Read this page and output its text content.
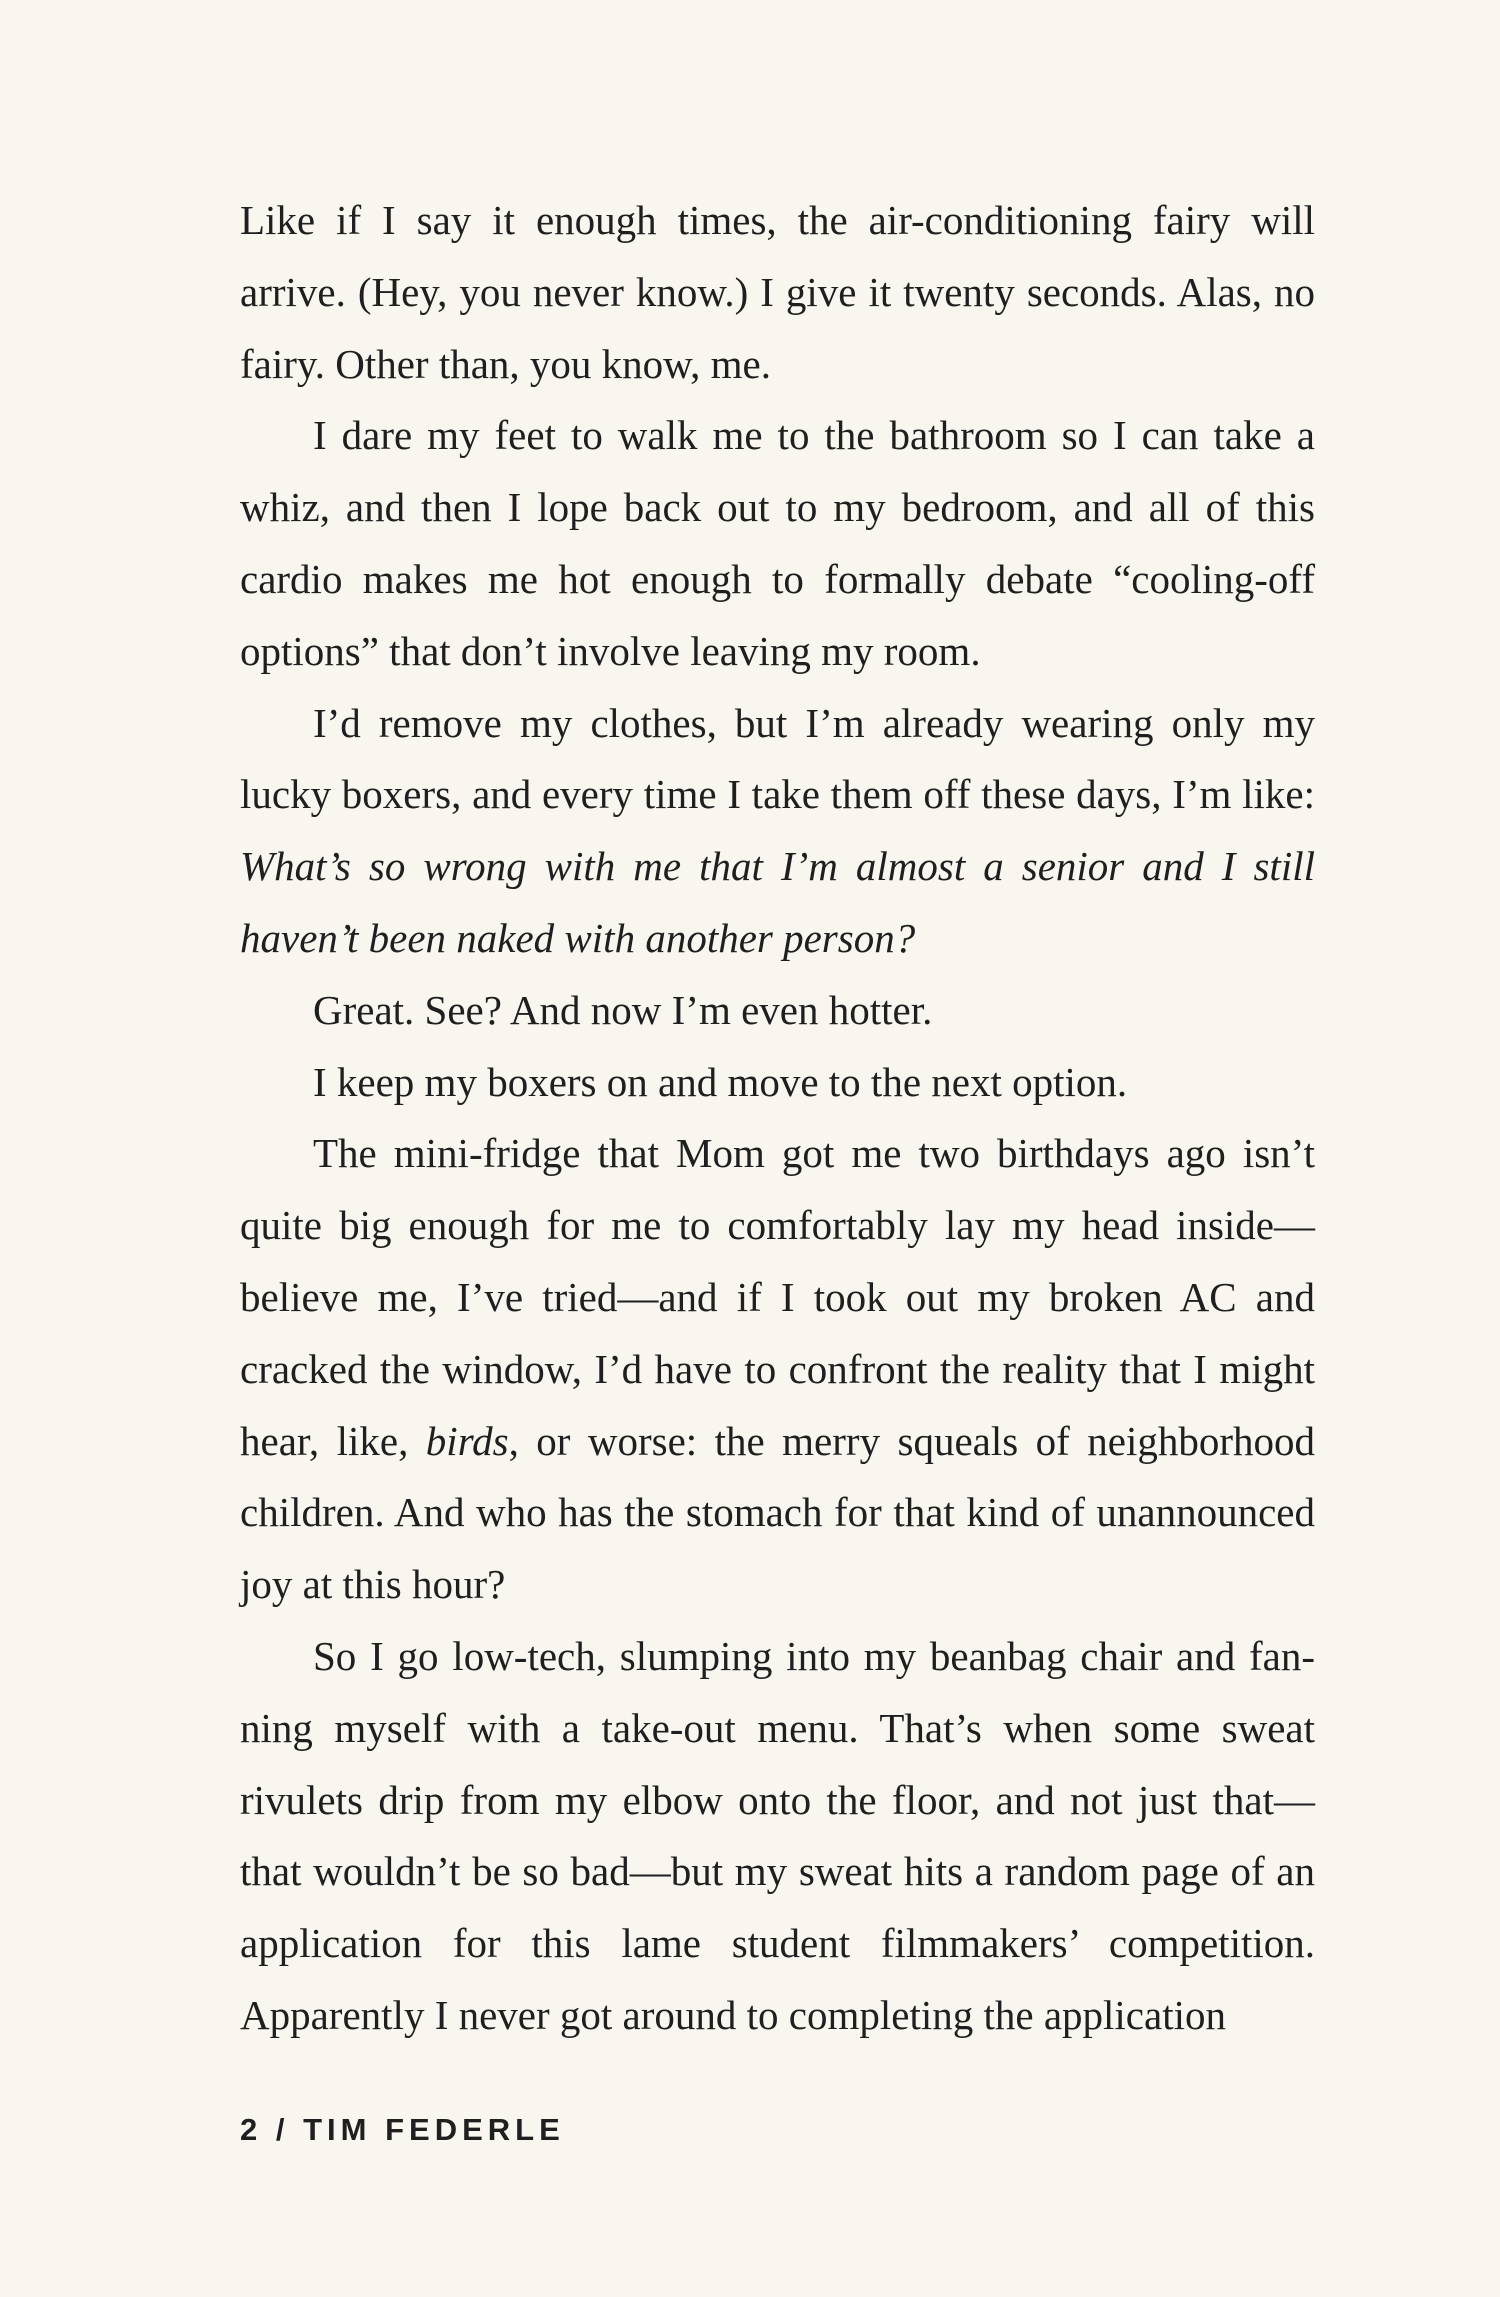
Like if I say it enough times, the air-conditioning fairy will arrive. (Hey, you never know.) I give it twenty seconds. Alas, no fairy. Other than, you know, me.

I dare my feet to walk me to the bathroom so I can take a whiz, and then I lope back out to my bedroom, and all of this cardio makes me hot enough to formally debate “cooling-off options” that don’t involve leaving my room.

I’d remove my clothes, but I’m already wearing only my lucky boxers, and every time I take them off these days, I’m like: What’s so wrong with me that I’m almost a senior and I still haven’t been naked with another person?

Great. See? And now I’m even hotter.

I keep my boxers on and move to the next option.

The mini-fridge that Mom got me two birthdays ago isn’t quite big enough for me to comfortably lay my head inside—believe me, I’ve tried—and if I took out my broken AC and cracked the window, I’d have to confront the reality that I might hear, like, birds, or worse: the merry squeals of neighborhood children. And who has the stomach for that kind of unannounced joy at this hour?

So I go low-tech, slumping into my beanbag chair and fanning myself with a take-out menu. That’s when some sweat rivulets drip from my elbow onto the floor, and not just that—that wouldn’t be so bad—but my sweat hits a random page of an application for this lame student filmmakers’ competition. Apparently I never got around to completing the application

2 / TIM FEDERLE
